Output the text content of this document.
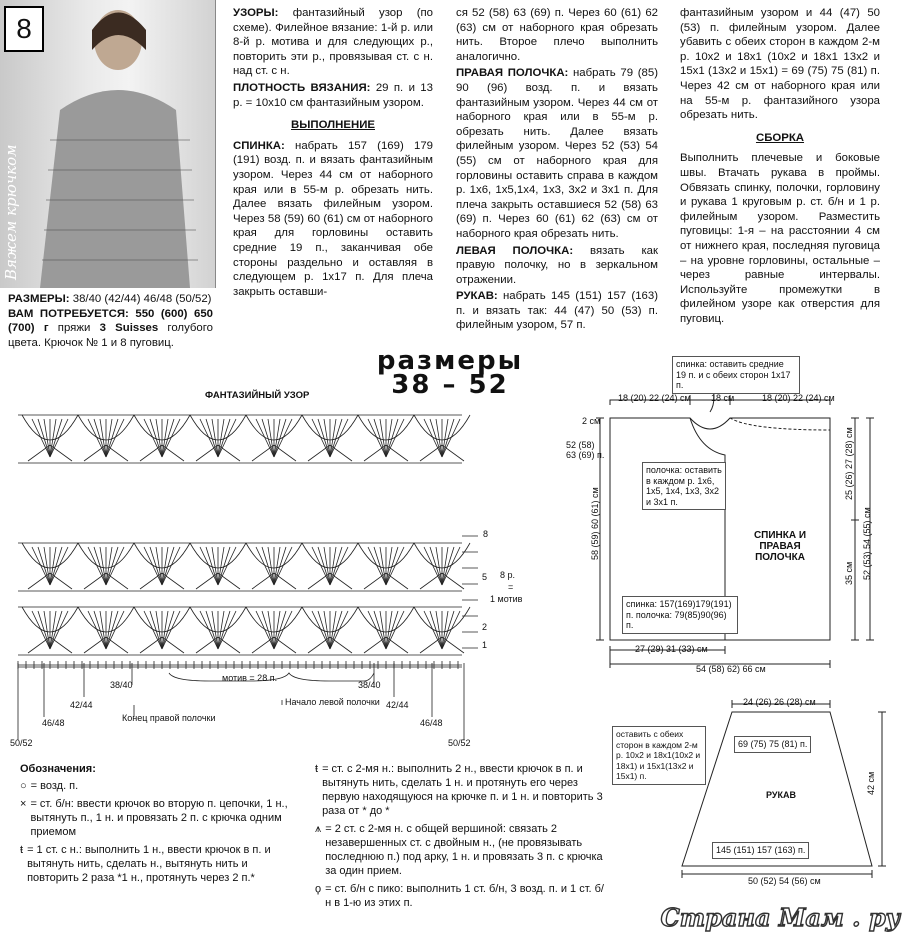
8
Вяжем крючком
РАЗМЕРЫ: 38/40 (42/44) 46/48 (50/52)
ВАМ ПОТРЕБУЕТСЯ: 550 (600) 650 (700) г пряжи 3 Suisses голубого цвета. Крючок № 1 и 8 пуговиц.

УЗОРЫ: фантазийный узор (по схеме). Филейное вязание: 1-й р. или 8-й р. мотива и для следующих р., повторить эти р., провязывая ст. с н. над ст. с н.

ПЛОТНОСТЬ ВЯЗАНИЯ: 29 п. и 13 р. = 10х10 см фантазийным узором.

ВЫПОЛНЕНИЕ

СПИНКА: набрать 157 (169) 179 (191) возд. п. и вязать фантазийным узором. Через 44 см от наборного края или в 55-м р. обрезать нить. Далее вязать филейным узором. Через 58 (59) 60 (61) см от наборного края для горловины оставить средние 19 п., заканчивая обе стороны раздельно и оставляя в следующем р. 1х17 п. Для плеча закрыть оставши-

ся 52 (58) 63 (69) п. Через 60 (61) 62 (63) см от наборного края обрезать нить. Второе плечо выполнить аналогично.

ПРАВАЯ ПОЛОЧКА: набрать 79 (85) 90 (96) возд. п. и вязать фантазийным узором. Через 44 см от наборного края или в 55-м р. обрезать нить. Далее вязать филейным узором. Через 52 (53) 54 (55) см от наборного края для горловины оставить справа в каждом р. 1х6, 1х5,1х4, 1х3, 3х2 и 3х1 п. Для плеча закрыть оставшиеся 52 (58) 63 (69) п. Через 60 (61) 62 (63) см от наборного края обрезать нить.

ЛЕВАЯ ПОЛОЧКА: вязать как правую полочку, но в зеркальном отражении.

РУКАВ: набрать 145 (151) 157 (163) п. и вязать так: 44 (47) 50 (53) п. филейным узором, 57 п.

фантазийным узором и 44 (47) 50 (53) п. филейным узором. Далее убавить с обеих сторон в каждом 2-м р. 10х2 и 18х1 (10х2 и 18х1 13х2 и 15х1 (13х2 и 15х1) = 69 (75) 75 (81) п. Через 42 см от наборного края или на 55-м р. фантазийного узора обрезать нить.

СБОРКА

Выполнить плечевые и боковые швы. Втачать рукава в проймы. Обвязать спинку, полочки, горловину и рукава 1 круговым р. ст. б/н и 1 р. филейным узором. Разместить пуговицы: 1-я – на расстоянии 4 см от нижнего края, последняя пуговица – на уровне горловины, остальные – через равные интервалы. Используйте промежутки в филейном узоре как отверстия для пуговиц.

размеры
38 – 52
ФАНТАЗИЙНЫЙ УЗОР
8
5
2
1
8 р.
=
1 мотив
мотив = 28 п.
38/40
42/44
46/48
50/52
38/40
42/44
46/48
50/52
Конец правой полочки
Начало левой полочки
Обозначения:
○ = возд. п.
× = ст. б/н: ввести крючок во вторую п. цепочки, 1 н., вытянуть п., 1 н. и провязать 2 п. с крючка одним приемом
ŧ = 1 ст. с н.: выполнить 1 н., ввести крючок в п. и вытянуть нить, сделать н., вытянуть нить и повторить 2 раза *1 н., протянуть через 2 п.*
ŧ = ст. с 2-мя н.: выполнить 2 н., ввести крючок в п. и вытянуть нить, сделать 1 н. и протянуть его через первую находящуюся на крючке п. и 1 н. и повторить 3 раза от * до *
⩚ = 2 ст. с 2-мя н. с общей вершиной: связать 2 незавершенных ст. с двойным н., (не провязывать последнюю п.) под арку, 1 н. и провязать 3 п. с крючка за один прием.
ϙ = ст. б/н с пико: выполнить 1 ст. б/н, 3 возд. п. и 1 ст. б/н в 1-ю из этих п.
спинка: оставить средние 19 п. и с обеих сторон 1х17 п.
18 (20) 22 (24) см 18 см	18 (20) 22 (24) см
2 см
52 (58) 63 (69) п.
полочка: оставить в каждом р. 1х6, 1х5, 1х4, 1х3, 3х2 и 3х1 п.
СПИНКА И ПРАВАЯ ПОЛОЧКА
58 (59) 60 (61) см
25 (26) 27 (28) см
35 см 52 (53) 54 (55) см
спинка: 157(169)179(191) п. полочка: 79(85)90(96) п.
27 (29) 31 (33) см
54 (58) 62) 66 см
24 (26) 26 (28) см
оставить с обеих сторон в каждом 2-м р. 10х2 и 18х1(10х2 и 18х1) и 15х1(13х2 и 15х1) п.
69 (75) 75 (81) п.
РУКАВ	42 см
145 (151) 157 (163) п.
50 (52) 54 (56) см
Страна Мам . ру
